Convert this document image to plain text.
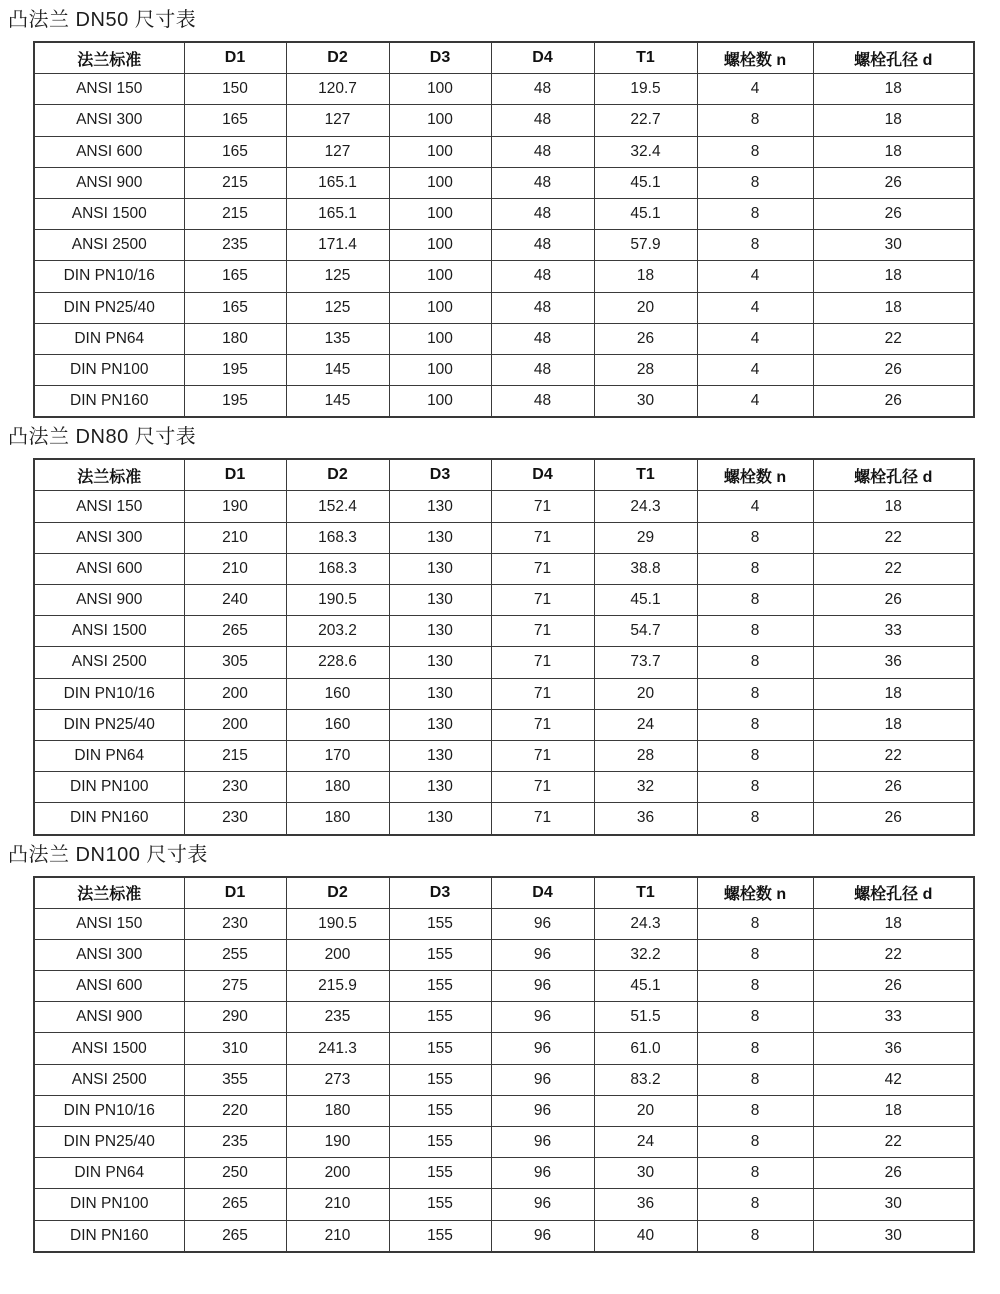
凸法兰 DN50 尺寸表
法兰标准	D1	D2	D3	D4	T1	螺栓数 n	螺栓孔径 d
ANSI 150	150	120.7	100	48	19.5	4	18
ANSI 300	165	127	100	48	22.7	8	18
ANSI 600	165	127	100	48	32.4	8	18
ANSI 900	215	165.1	100	48	45.1	8	26
ANSI 1500	215	165.1	100	48	45.1	8	26
ANSI 2500	235	171.4	100	48	57.9	8	30
DIN PN10/16	165	125	100	48	18	4	18
DIN PN25/40	165	125	100	48	20	4	18
DIN PN64	180	135	100	48	26	4	22
DIN PN100	195	145	100	48	28	4	26
DIN PN160	195	145	100	48	30	4	26
凸法兰 DN80 尺寸表
法兰标准	D1	D2	D3	D4	T1	螺栓数 n	螺栓孔径 d
ANSI 150	190	152.4	130	71	24.3	4	18
ANSI 300	210	168.3	130	71	29	8	22
ANSI 600	210	168.3	130	71	38.8	8	22
ANSI 900	240	190.5	130	71	45.1	8	26
ANSI 1500	265	203.2	130	71	54.7	8	33
ANSI 2500	305	228.6	130	71	73.7	8	36
DIN PN10/16	200	160	130	71	20	8	18
DIN PN25/40	200	160	130	71	24	8	18
DIN PN64	215	170	130	71	28	8	22
DIN PN100	230	180	130	71	32	8	26
DIN PN160	230	180	130	71	36	8	26
凸法兰 DN100 尺寸表
法兰标准	D1	D2	D3	D4	T1	螺栓数 n	螺栓孔径 d
ANSI 150	230	190.5	155	96	24.3	8	18
ANSI 300	255	200	155	96	32.2	8	22
ANSI 600	275	215.9	155	96	45.1	8	26
ANSI 900	290	235	155	96	51.5	8	33
ANSI 1500	310	241.3	155	96	61.0	8	36
ANSI 2500	355	273	155	96	83.2	8	42
DIN PN10/16	220	180	155	96	20	8	18
DIN PN25/40	235	190	155	96	24	8	22
DIN PN64	250	200	155	96	30	8	26
DIN PN100	265	210	155	96	36	8	30
DIN PN160	265	210	155	96	40	8	30
